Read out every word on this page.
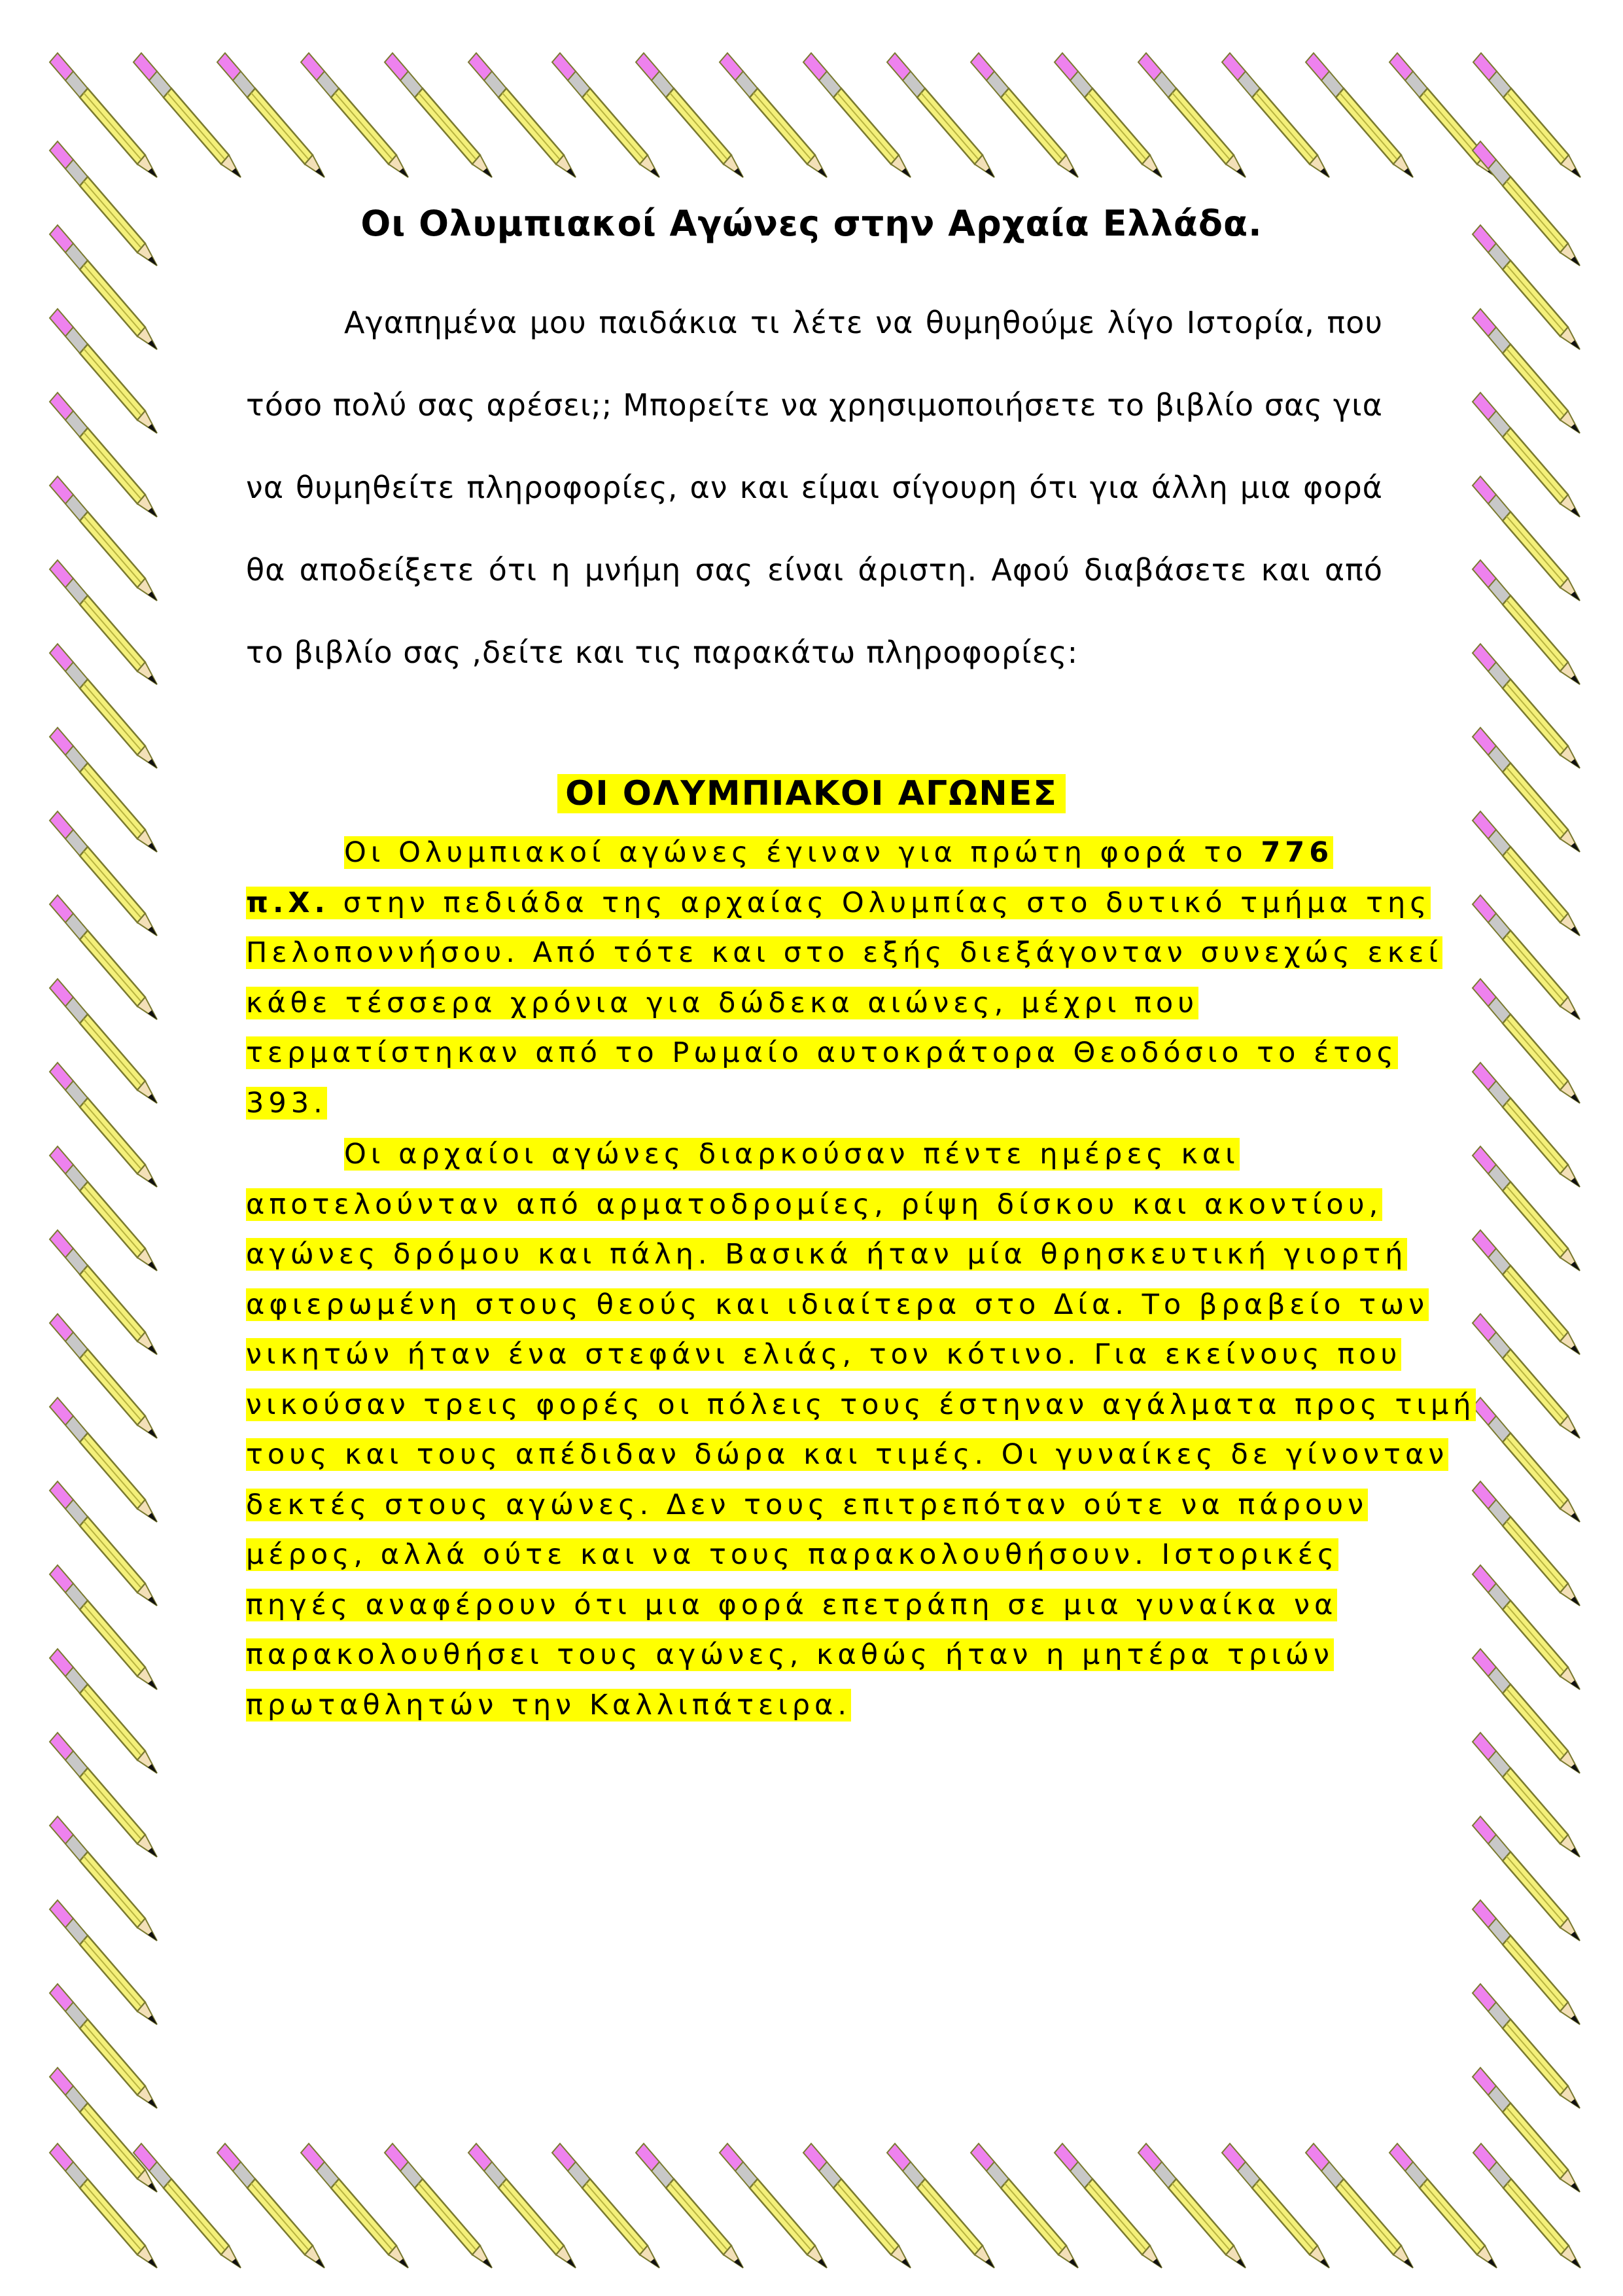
Οι Ολυμπιακοί Αγώνες στην Αρχαία Ελλάδα.
Αγαπημένα μου παιδάκια τι λέτε να θυμηθούμε λίγο Ιστορία, που τόσο πολύ σας αρέσει;; Μπορείτε να χρησιμοποιήσετε το βιβλίο σας για να θυμηθείτε πληροφορίες, αν και είμαι σίγουρη ότι για άλλη μια φορά θα αποδείξετε ότι η μνήμη σας είναι άριστη. Αφού διαβάσετε και από το βιβλίο σας ,δείτε και τις παρακάτω πληροφορίες:
ΟΙ ΟΛΥΜΠΙΑΚΟΙ ΑΓΩΝΕΣ
Οι Ολυμπιακοί αγώνες έγιναν για πρώτη φορά το 776
π.Χ. στην πεδιάδα της αρχαίας Ολυμπίας στο δυτικό τμήμα της
Πελοποννήσου. Από τότε και στο εξής διεξάγονταν συνεχώς εκεί
κάθε τέσσερα χρόνια για δώδεκα αιώνες, μέχρι που
τερματίστηκαν από το Ρωμαίο αυτοκράτορα Θεοδόσιο το έτος
393.
Οι αρχαίοι αγώνες διαρκούσαν πέντε ημέρες και
αποτελούνταν από αρματοδρομίες, ρίψη δίσκου και ακοντίου,
αγώνες δρόμου και πάλη. Βασικά ήταν μία θρησκευτική γιορτή
αφιερωμένη στους θεούς και ιδιαίτερα στο Δία. Το βραβείο των
νικητών ήταν ένα στεφάνι ελιάς, τον κότινο. Για εκείνους που
νικούσαν τρεις φορές οι πόλεις τους έστηναν αγάλματα προς τιμή
τους και τους απέδιδαν δώρα και τιμές. Οι γυναίκες δε γίνονταν
δεκτές στους αγώνες. Δεν τους επιτρεπόταν ούτε να πάρουν
μέρος, αλλά ούτε και να τους παρακολουθήσουν. Ιστορικές
πηγές αναφέρουν ότι μια φορά επετράπη σε μια γυναίκα να
παρακολουθήσει τους αγώνες, καθώς ήταν η μητέρα τριών
πρωταθλητών την Καλλιπάτειρα.
